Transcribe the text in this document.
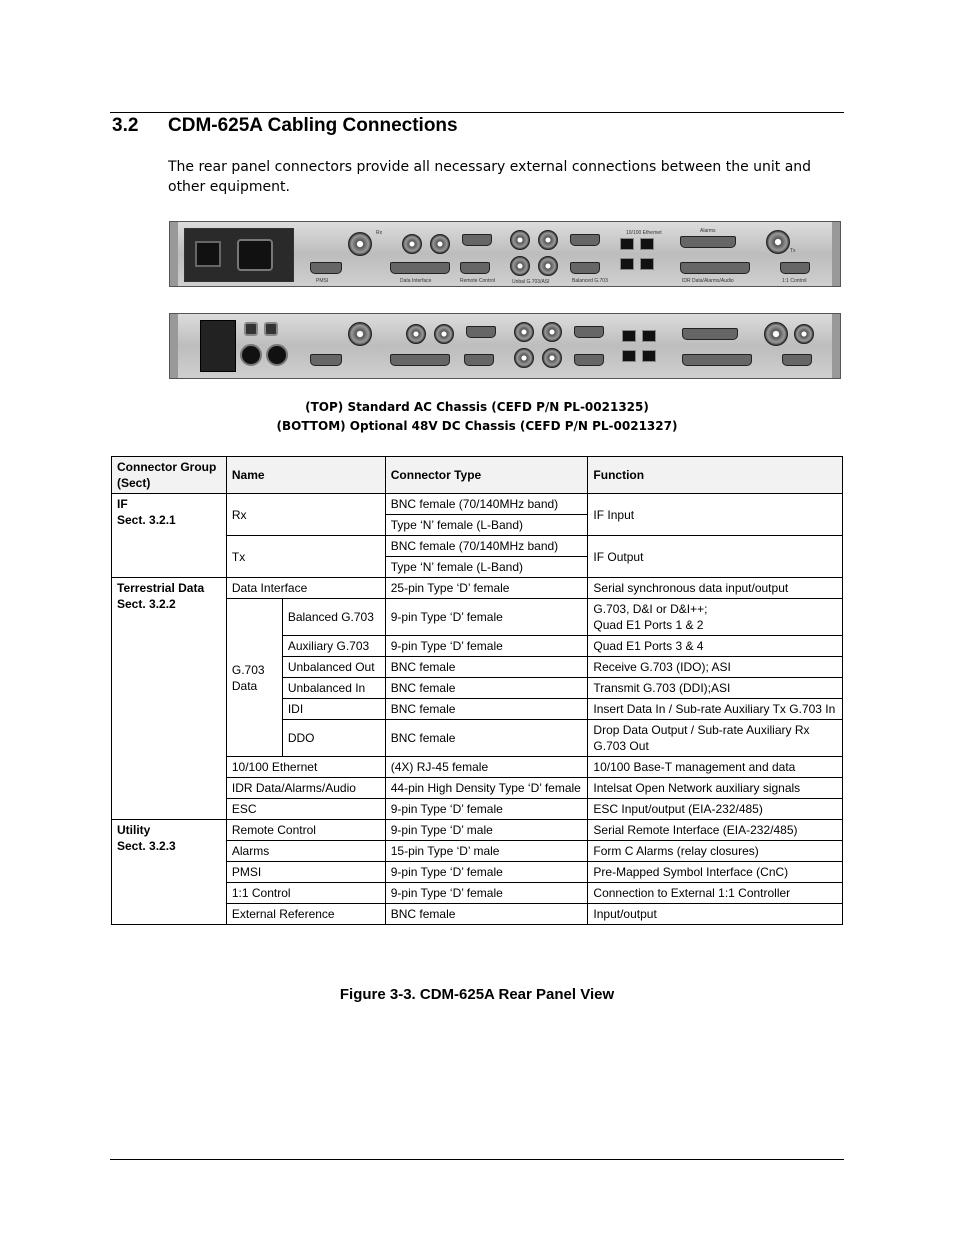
3.2 CDM-625A Cabling Connections

The rear panel connectors provide all necessary external connections between the unit and other equipment.

PMSI
Rx
Data Interface	Remote Control	Unbal G.703/ASI	Balanced G.703
10/100 Ethernet	Alarms
IDR Data/Alarms/Audio
Tx
1:1 Control
(TOP) Standard AC Chassis (CEFD P/N PL-0021325)
(BOTTOM) Optional 48V DC Chassis (CEFD P/N PL-0021327)
Connector Group (Sect)	Name		Connector Type	Function

IF
Sect. 3.2.1	Rx		BNC female (70/140MHz band)	IF Input
			Type ‘N’ female (L-Band)	
	Tx		BNC female (70/140MHz band)	IF Output
			Type ‘N’ female (L-Band)	

Terrestrial Data
Sect. 3.2.2	Data Interface		25-pin Type ‘D’ female	Serial synchronous data input/output
	G.703 Data	Balanced G.703	9-pin Type ‘D’ female	G.703, D&I or D&I++;
Quad E1 Ports 1 & 2

		Auxiliary G.703	9-pin Type ‘D’ female	Quad E1 Ports 3 & 4
		Unbalanced Out	BNC female	Receive G.703 (IDO); ASI
		Unbalanced In	BNC female	Transmit G.703 (DDI);ASI
		IDI	BNC female	Insert Data In / Sub-rate Auxiliary Tx G.703 In
		DDO	BNC female	Drop Data Output / Sub-rate Auxiliary Rx G.703 Out
	10/100 Ethernet		(4X) RJ-45 female	10/100 Base-T management and data
	IDR Data/Alarms/Audio		44-pin High Density Type ‘D’ female	Intelsat Open Network auxiliary signals
	ESC		9-pin Type ‘D’ female	ESC Input/output (EIA-232/485)

Utility
Sect. 3.2.3	Remote Control		9-pin Type ‘D’ male	Serial Remote Interface (EIA-232/485)
	Alarms		15-pin Type ‘D’ male	Form C Alarms (relay closures)
	PMSI		9-pin Type ‘D’ female	Pre-Mapped Symbol Interface (CnC)
	1:1 Control		9-pin Type ‘D’ female	Connection to External 1:1 Controller
	External Reference		BNC female	Input/output
Figure 3-3. CDM-625A Rear Panel View
